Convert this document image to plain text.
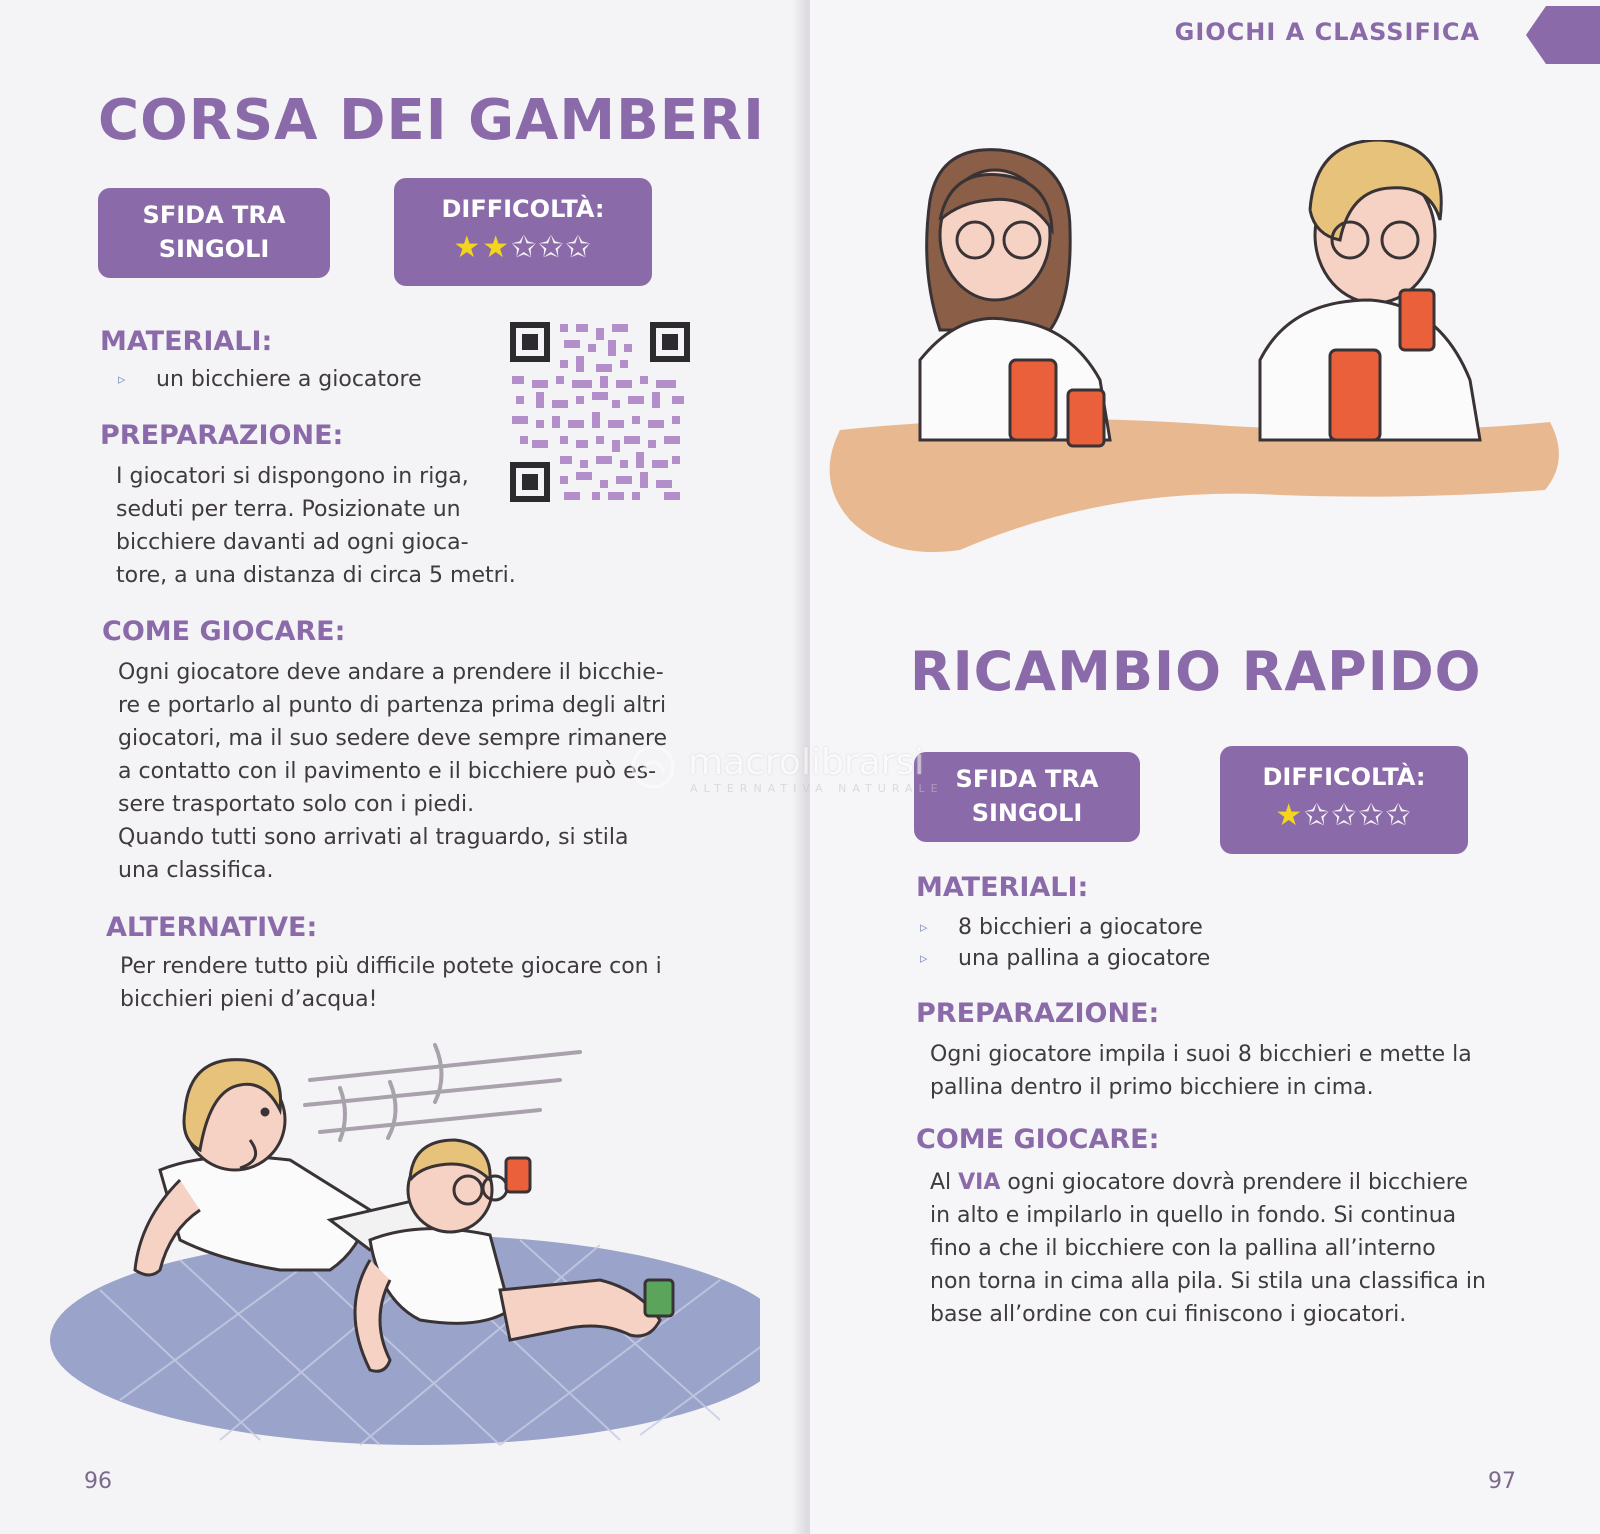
CORSA DEI GAMBERI
SFIDA TRA
SINGOLI
DIFFICOLTÀ:
★★✩✩✩
MATERIALI:
▹ un bicchiere a giocatore
PREPARAZIONE:
I giocatori si dispongono in riga,
seduti per terra. Posizionate un
bicchiere davanti ad ogni gioca-
tore, a una distanza di circa 5 metri.
COME GIOCARE:
Ogni giocatore deve andare a prendere il bicchie-
re e portarlo al punto di partenza prima degli altri
giocatori, ma il suo sedere deve sempre rimanere
a contatto con il pavimento e il bicchiere può es-
sere trasportato solo con i piedi.
Quando tutti sono arrivati al traguardo, si stila
una classifica.
ALTERNATIVE:
Per rendere tutto più difficile potete giocare con i
bicchieri pieni d’acqua!
96
GIOCHI A CLASSIFICA
RICAMBIO RAPIDO
SFIDA TRA
SINGOLI
DIFFICOLTÀ:
★✩✩✩✩
MATERIALI:
▹ 8 bicchieri a giocatore
▹ una pallina a giocatore
PREPARAZIONE:
Ogni giocatore impila i suoi 8 bicchieri e mette la
pallina dentro il primo bicchiere in cima.
COME GIOCARE:
Al VIA ogni giocatore dovrà prendere il bicchiere
in alto e impilarlo in quello in fondo. Si continua
fino a che il bicchiere con la pallina all’interno
non torna in cima alla pila. Si stila una classifica in
base all’ordine con cui finiscono i giocatori.
97
macrolibrarsi
ALTERNATIVA NATURALE
